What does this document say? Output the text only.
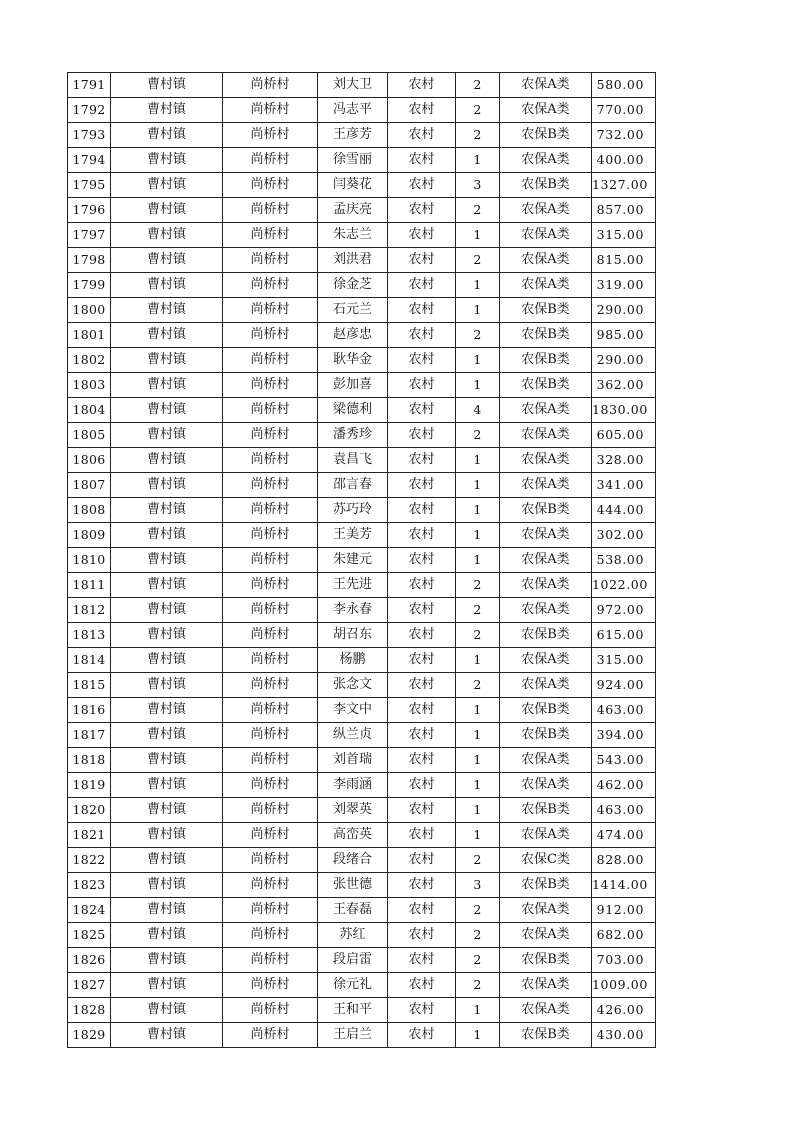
1791	曹村镇	尚桥村	刘大卫	农村	2	农保A类	580.00
1792	曹村镇	尚桥村	冯志平	农村	2	农保A类	770.00
1793	曹村镇	尚桥村	王彦芳	农村	2	农保B类	732.00
1794	曹村镇	尚桥村	徐雪丽	农村	1	农保A类	400.00
1795	曹村镇	尚桥村	闫葵花	农村	3	农保B类	1327.00
1796	曹村镇	尚桥村	孟庆亮	农村	2	农保A类	857.00
1797	曹村镇	尚桥村	朱志兰	农村	1	农保A类	315.00
1798	曹村镇	尚桥村	刘洪君	农村	2	农保A类	815.00
1799	曹村镇	尚桥村	徐金芝	农村	1	农保A类	319.00
1800	曹村镇	尚桥村	石元兰	农村	1	农保B类	290.00
1801	曹村镇	尚桥村	赵彦忠	农村	2	农保B类	985.00
1802	曹村镇	尚桥村	耿华金	农村	1	农保B类	290.00
1803	曹村镇	尚桥村	彭加喜	农村	1	农保B类	362.00
1804	曹村镇	尚桥村	梁德利	农村	4	农保A类	1830.00
1805	曹村镇	尚桥村	潘秀珍	农村	2	农保A类	605.00
1806	曹村镇	尚桥村	袁昌飞	农村	1	农保A类	328.00
1807	曹村镇	尚桥村	邵言春	农村	1	农保A类	341.00
1808	曹村镇	尚桥村	苏巧玲	农村	1	农保B类	444.00
1809	曹村镇	尚桥村	王美芳	农村	1	农保A类	302.00
1810	曹村镇	尚桥村	朱建元	农村	1	农保A类	538.00
1811	曹村镇	尚桥村	王先进	农村	2	农保A类	1022.00
1812	曹村镇	尚桥村	李永春	农村	2	农保A类	972.00
1813	曹村镇	尚桥村	胡召东	农村	2	农保B类	615.00
1814	曹村镇	尚桥村	杨鹏	农村	1	农保A类	315.00
1815	曹村镇	尚桥村	张念文	农村	2	农保A类	924.00
1816	曹村镇	尚桥村	李文中	农村	1	农保B类	463.00
1817	曹村镇	尚桥村	纵兰贞	农村	1	农保B类	394.00
1818	曹村镇	尚桥村	刘首瑞	农村	1	农保A类	543.00
1819	曹村镇	尚桥村	李雨涵	农村	1	农保A类	462.00
1820	曹村镇	尚桥村	刘翠英	农村	1	农保B类	463.00
1821	曹村镇	尚桥村	高峦英	农村	1	农保A类	474.00
1822	曹村镇	尚桥村	段绪合	农村	2	农保C类	828.00
1823	曹村镇	尚桥村	张世德	农村	3	农保B类	1414.00
1824	曹村镇	尚桥村	王春磊	农村	2	农保A类	912.00
1825	曹村镇	尚桥村	苏红	农村	2	农保A类	682.00
1826	曹村镇	尚桥村	段启雷	农村	2	农保B类	703.00
1827	曹村镇	尚桥村	徐元礼	农村	2	农保A类	1009.00
1828	曹村镇	尚桥村	王和平	农村	1	农保A类	426.00
1829	曹村镇	尚桥村	王启兰	农村	1	农保B类	430.00
